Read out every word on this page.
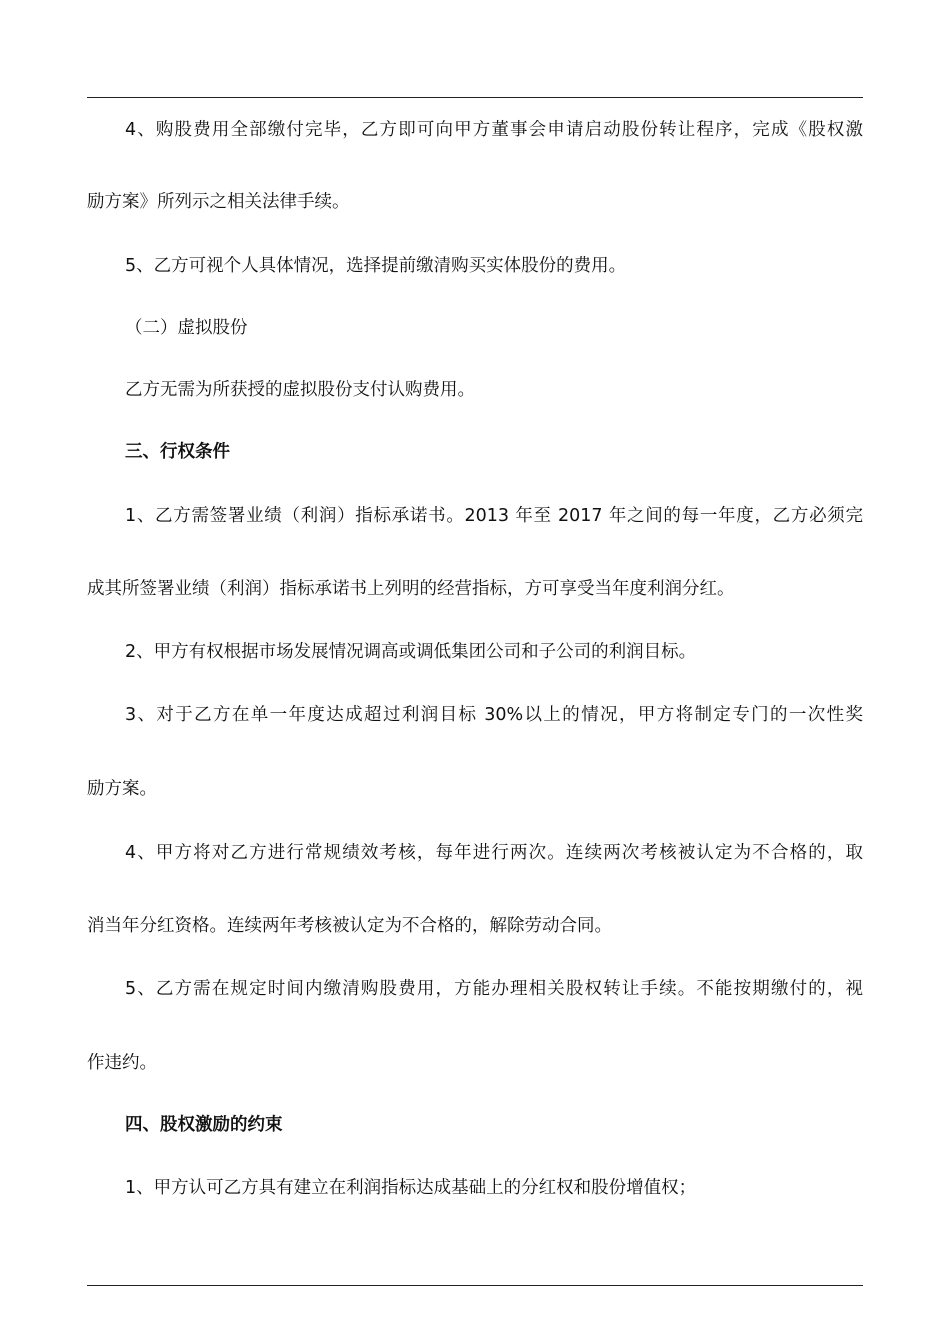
4、购股费用全部缴付完毕，乙方即可向甲方董事会申请启动股份转让程序，完成《股权激
励方案》所列示之相关法律手续。
5、乙方可视个人具体情况，选择提前缴清购买实体股份的费用。
（二）虚拟股份
乙方无需为所获授的虚拟股份支付认购费用。
三、行权条件
1、乙方需签署业绩（利润）指标承诺书。2013 年至 2017 年之间的每一年度，乙方必须完
成其所签署业绩（利润）指标承诺书上列明的经营指标，方可享受当年度利润分红。
2、甲方有权根据市场发展情况调高或调低集团公司和子公司的利润目标。
3、对于乙方在单一年度达成超过利润目标 30%以上的情况，甲方将制定专门的一次性奖
励方案。
4、甲方将对乙方进行常规绩效考核，每年进行两次。连续两次考核被认定为不合格的，取
消当年分红资格。连续两年考核被认定为不合格的，解除劳动合同。
5、乙方需在规定时间内缴清购股费用，方能办理相关股权转让手续。不能按期缴付的，视
作违约。
四、股权激励的约束
1、甲方认可乙方具有建立在利润指标达成基础上的分红权和股份增值权；
